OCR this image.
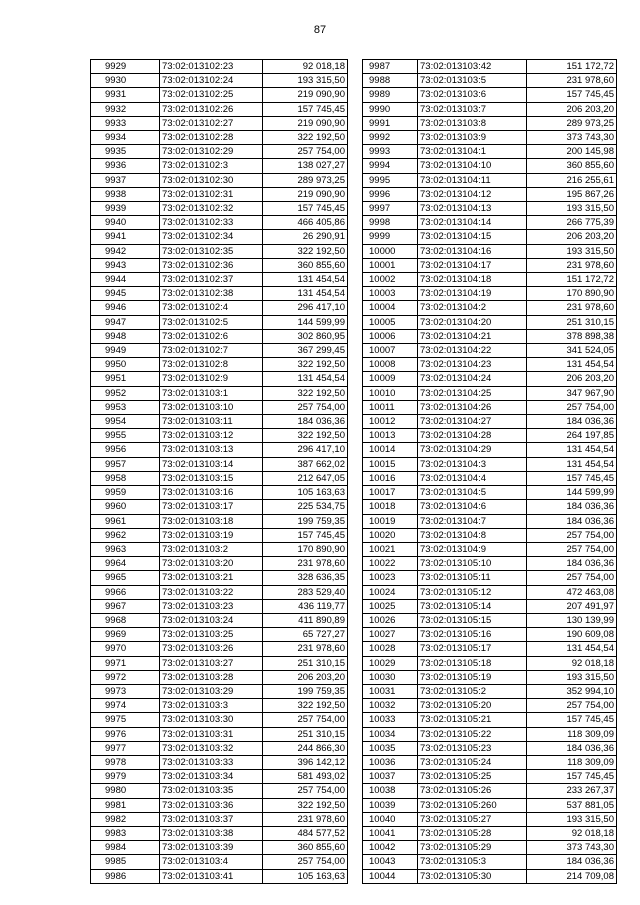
87
9929	73:02:013102:23	92 018,18
9930	73:02:013102:24	193 315,50
9931	73:02:013102:25	219 090,90
9932	73:02:013102:26	157 745,45
9933	73:02:013102:27	219 090,90
9934	73:02:013102:28	322 192,50
9935	73:02:013102:29	257 754,00
9936	73:02:013102:3	138 027,27
9937	73:02:013102:30	289 973,25
9938	73:02:013102:31	219 090,90
9939	73:02:013102:32	157 745,45
9940	73:02:013102:33	466 405,86
9941	73:02:013102:34	26 290,91
9942	73:02:013102:35	322 192,50
9943	73:02:013102:36	360 855,60
9944	73:02:013102:37	131 454,54
9945	73:02:013102:38	131 454,54
9946	73:02:013102:4	296 417,10
9947	73:02:013102:5	144 599,99
9948	73:02:013102:6	302 860,95
9949	73:02:013102:7	367 299,45
9950	73:02:013102:8	322 192,50
9951	73:02:013102:9	131 454,54
9952	73:02:013103:1	322 192,50
9953	73:02:013103:10	257 754,00
9954	73:02:013103:11	184 036,36
9955	73:02:013103:12	322 192,50
9956	73:02:013103:13	296 417,10
9957	73:02:013103:14	387 662,02
9958	73:02:013103:15	212 647,05
9959	73:02:013103:16	105 163,63
9960	73:02:013103:17	225 534,75
9961	73:02:013103:18	199 759,35
9962	73:02:013103:19	157 745,45
9963	73:02:013103:2	170 890,90
9964	73:02:013103:20	231 978,60
9965	73:02:013103:21	328 636,35
9966	73:02:013103:22	283 529,40
9967	73:02:013103:23	436 119,77
9968	73:02:013103:24	411 890,89
9969	73:02:013103:25	65 727,27
9970	73:02:013103:26	231 978,60
9971	73:02:013103:27	251 310,15
9972	73:02:013103:28	206 203,20
9973	73:02:013103:29	199 759,35
9974	73:02:013103:3	322 192,50
9975	73:02:013103:30	257 754,00
9976	73:02:013103:31	251 310,15
9977	73:02:013103:32	244 866,30
9978	73:02:013103:33	396 142,12
9979	73:02:013103:34	581 493,02
9980	73:02:013103:35	257 754,00
9981	73:02:013103:36	322 192,50
9982	73:02:013103:37	231 978,60
9983	73:02:013103:38	484 577,52
9984	73:02:013103:39	360 855,60
9985	73:02:013103:4	257 754,00
9986	73:02:013103:41	105 163,63
9987	73:02:013103:42	151 172,72
9988	73:02:013103:5	231 978,60
9989	73:02:013103:6	157 745,45
9990	73:02:013103:7	206 203,20
9991	73:02:013103:8	289 973,25
9992	73:02:013103:9	373 743,30
9993	73:02:013104:1	200 145,98
9994	73:02:013104:10	360 855,60
9995	73:02:013104:11	216 255,61
9996	73:02:013104:12	195 867,26
9997	73:02:013104:13	193 315,50
9998	73:02:013104:14	266 775,39
9999	73:02:013104:15	206 203,20
10000	73:02:013104:16	193 315,50
10001	73:02:013104:17	231 978,60
10002	73:02:013104:18	151 172,72
10003	73:02:013104:19	170 890,90
10004	73:02:013104:2	231 978,60
10005	73:02:013104:20	251 310,15
10006	73:02:013104:21	378 898,38
10007	73:02:013104:22	341 524,05
10008	73:02:013104:23	131 454,54
10009	73:02:013104:24	206 203,20
10010	73:02:013104:25	347 967,90
10011	73:02:013104:26	257 754,00
10012	73:02:013104:27	184 036,36
10013	73:02:013104:28	264 197,85
10014	73:02:013104:29	131 454,54
10015	73:02:013104:3	131 454,54
10016	73:02:013104:4	157 745,45
10017	73:02:013104:5	144 599,99
10018	73:02:013104:6	184 036,36
10019	73:02:013104:7	184 036,36
10020	73:02:013104:8	257 754,00
10021	73:02:013104:9	257 754,00
10022	73:02:013105:10	184 036,36
10023	73:02:013105:11	257 754,00
10024	73:02:013105:12	472 463,08
10025	73:02:013105:14	207 491,97
10026	73:02:013105:15	130 139,99
10027	73:02:013105:16	190 609,08
10028	73:02:013105:17	131 454,54
10029	73:02:013105:18	92 018,18
10030	73:02:013105:19	193 315,50
10031	73:02:013105:2	352 994,10
10032	73:02:013105:20	257 754,00
10033	73:02:013105:21	157 745,45
10034	73:02:013105:22	118 309,09
10035	73:02:013105:23	184 036,36
10036	73:02:013105:24	118 309,09
10037	73:02:013105:25	157 745,45
10038	73:02:013105:26	233 267,37
10039	73:02:013105:260	537 881,05
10040	73:02:013105:27	193 315,50
10041	73:02:013105:28	92 018,18
10042	73:02:013105:29	373 743,30
10043	73:02:013105:3	184 036,36
10044	73:02:013105:30	214 709,08
